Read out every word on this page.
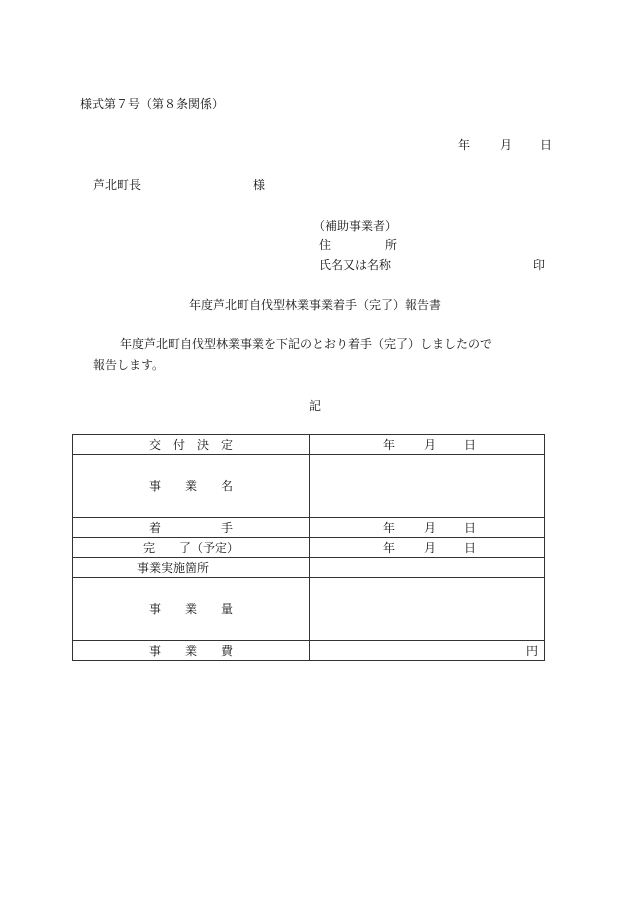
様式第７号（第８条関係）
年 月 日
芦北町長	様
（補助事業者）
住	所
氏名又は名称	印
年度芦北町自伐型林業事業着手（完了）報告書
年度芦北町自伐型林業事業を下記のとおり着手（完了）しましたので
報告します。
記
交　付　決　定	年 月 日

事　　業　　名	
着　　　　　手	年 月 日

完　　了（予定）	年 月 日

事業実施箇所	
事　　業　　量	
事　　業　　費	円
